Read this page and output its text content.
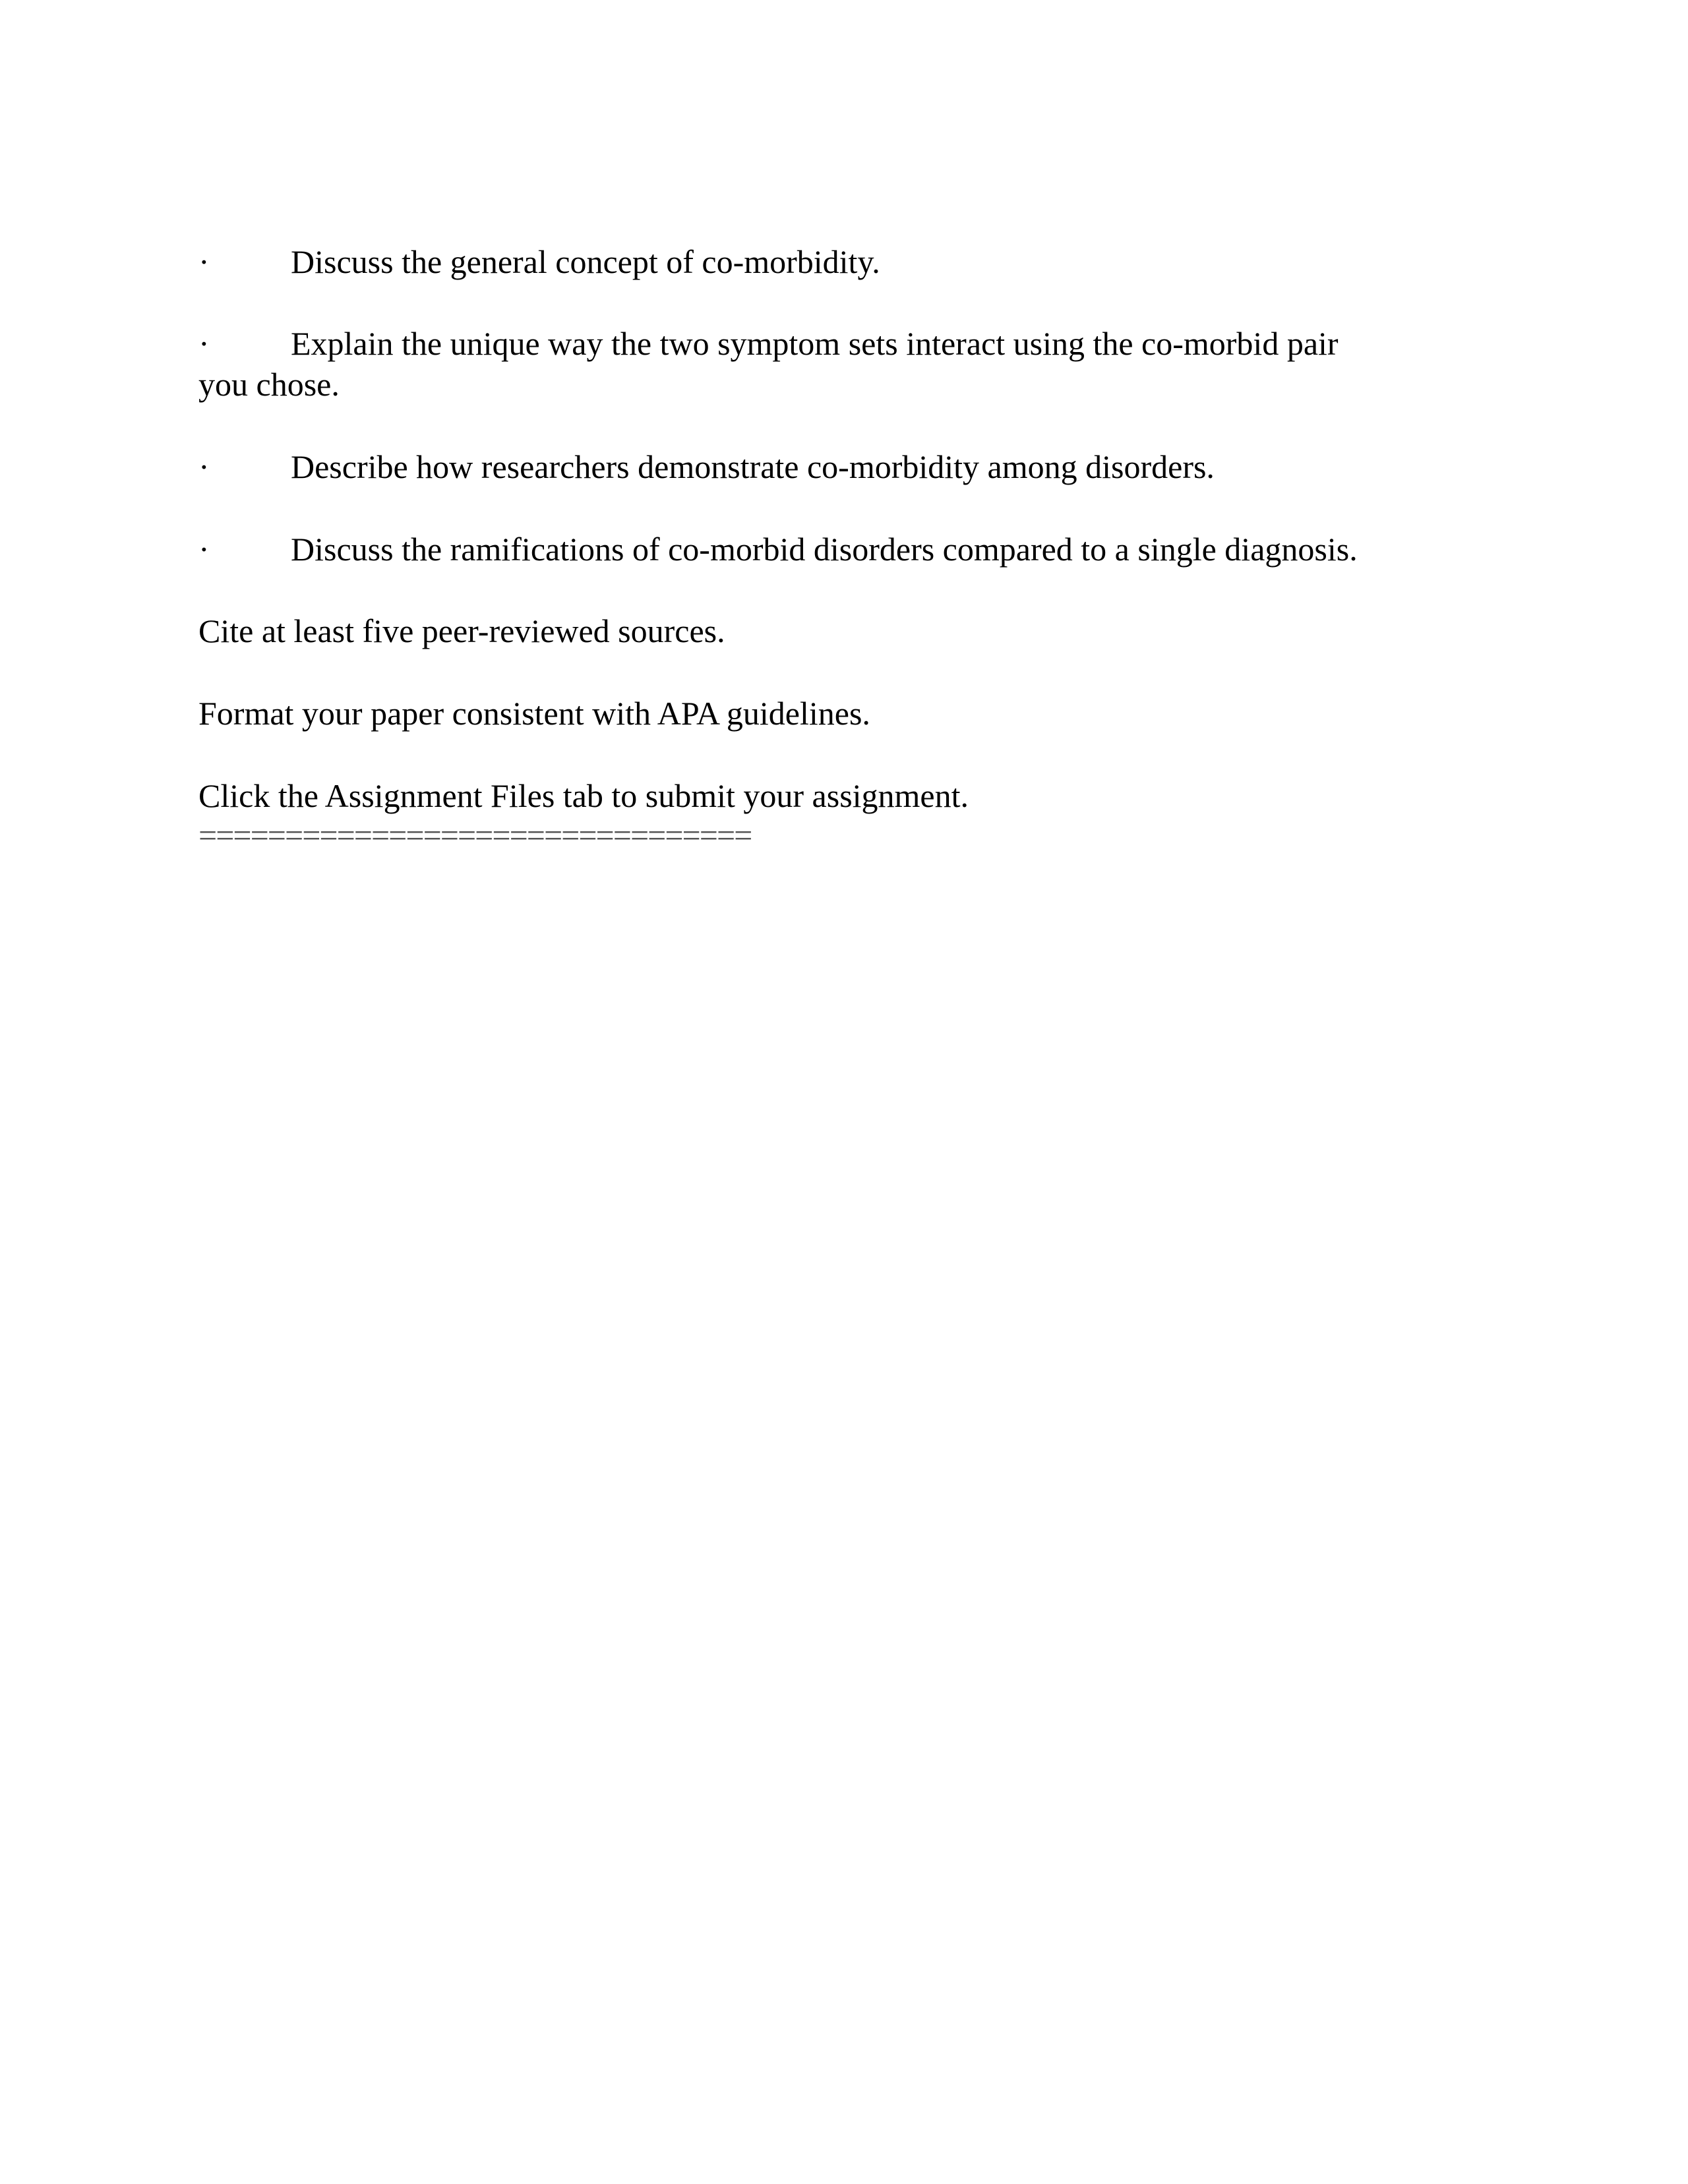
· Discuss the general concept of co-morbidity.
· Explain the unique way the two symptom sets interact using the co-morbid pair
you chose.
· Describe how researchers demonstrate co-morbidity among disorders.
· Discuss the ramifications of co-morbid disorders compared to a single diagnosis.
Cite at least five peer-reviewed sources.
Format your paper consistent with APA guidelines.
Click the Assignment Files tab to submit your assignment.
================================
